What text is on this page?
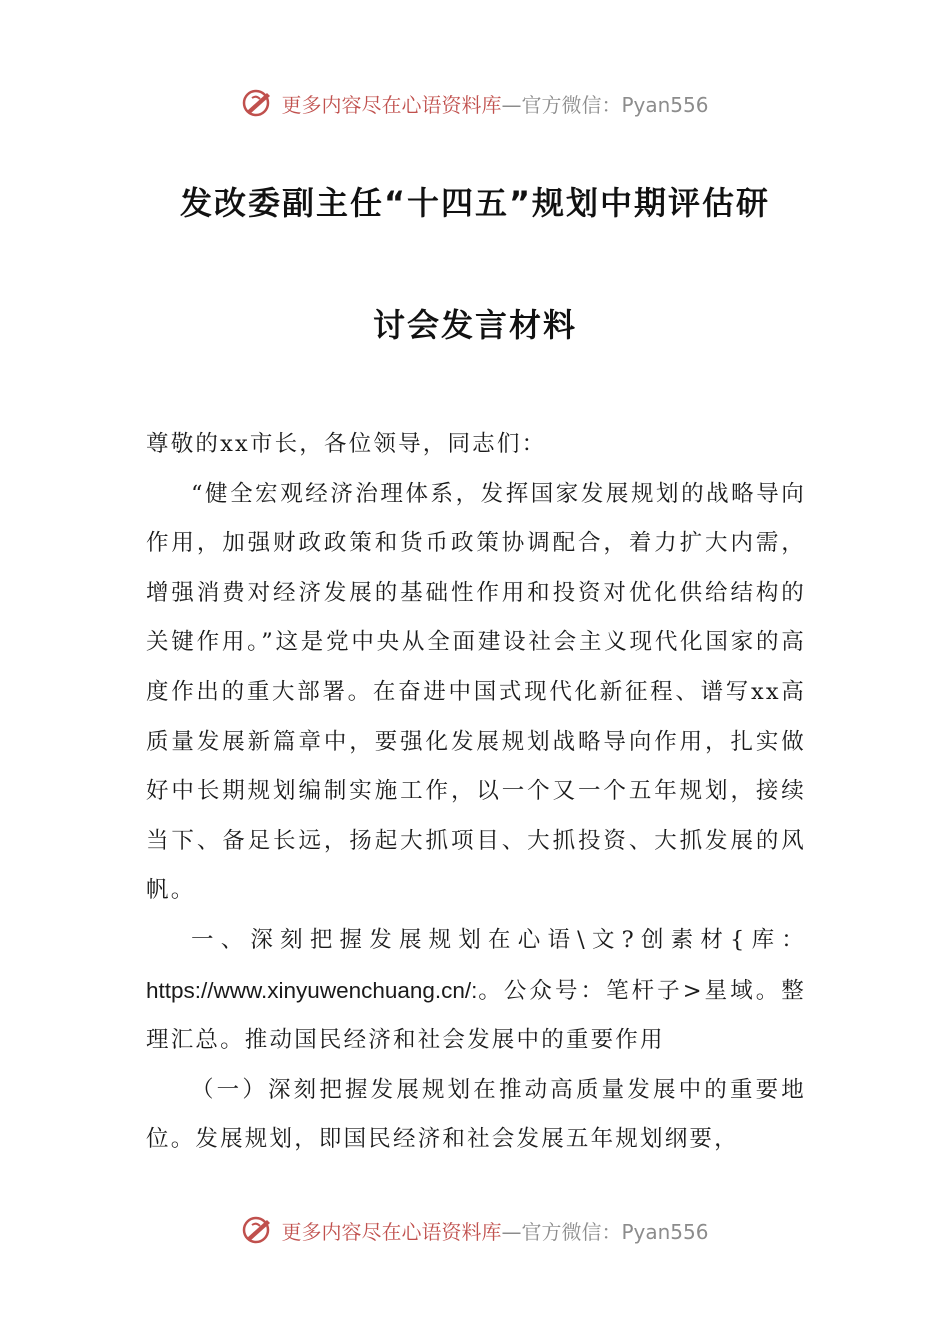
更多内容尽在心语资料库 —官方微信：Pyan556
发改委副主任“十四五”规划中期评估研
讨会发言材料

尊敬的xx市长，各位领导，同志们：

“健全宏观经济治理体系，发挥国家发展规划的战略导向作用，加强财政政策和货币政策协调配合，着力扩大内需，增强消费对经济发展的基础性作用和投资对优化供给结构的关键作用。”这是党中央从全面建设社会主义现代化国家的高度作出的重大部署。在奋进中国式现代化新征程、谱写xx高质量发展新篇章中，要强化发展规划战略导向作用，扎实做好中长期规划编制实施工作，以一个又一个五年规划，接续当下、备足长远，扬起大抓项目、大抓投资、大抓发展的风帆。

一、深刻把握发展规划在心语\文?创素材{库：https://www.xinyuwenchuang.cn/:。公众号：笔杆子>星域。整理汇总。推动国民经济和社会发展中的重要作用

（一）深刻把握发展规划在推动高质量发展中的重要地位。发展规划，即国民经济和社会发展五年规划纲要，

更多内容尽在心语资料库 —官方微信：Pyan556
